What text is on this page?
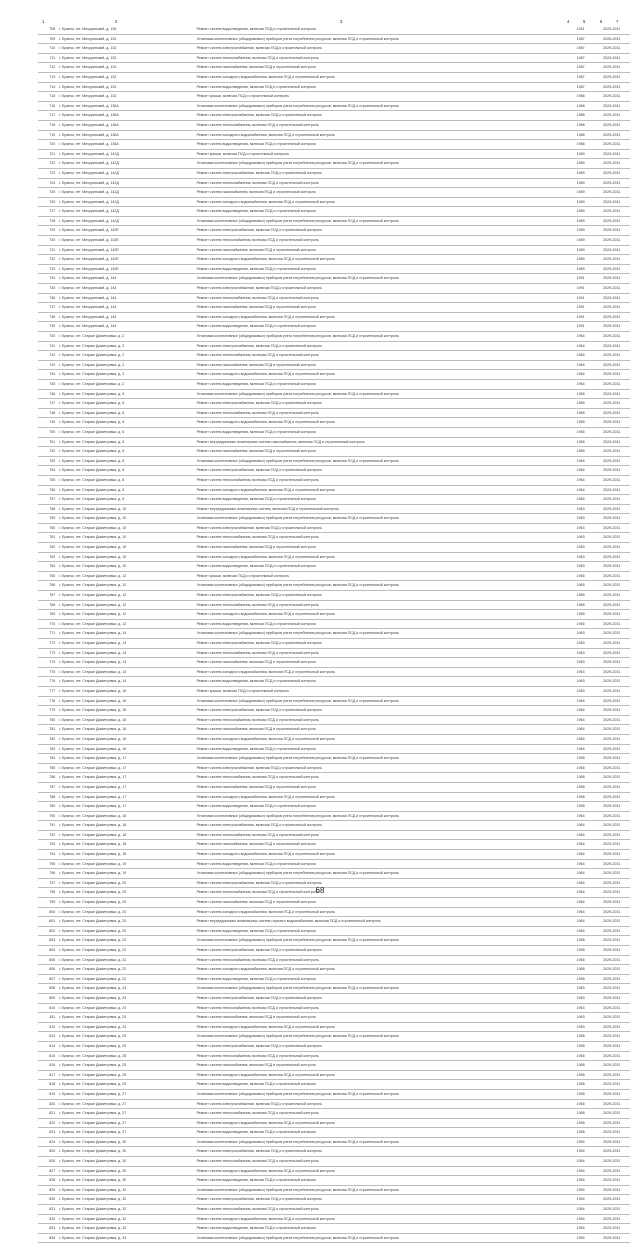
1	2	3	4	5	6	7
708	г. Брянск, пгт. Мичуринский, д. 126	Ремонт систем водоотведения, включая ПСД и строительный контроль	1951	2029-2031
709	г. Брянск, пгт. Мичуринский, д. 132	Установка коллективных (общедомовых) приборов учета потребления ресурсов, включая ПСД и строительный контроль	1987	2026-2031
710	г. Брянск, пгт. Мичуринский, д. 132	Ремонт систем электроснабжения, включая ПСД и строительный контроль	1987	2029-2031
711	г. Брянск, пгт. Мичуринский, д. 132	Ремонт систем теплоснабжения, включая ПСД и строительный контроль	1987	2029-2031
712	г. Брянск, пгт. Мичуринский, д. 132	Ремонт систем газоснабжения, включая ПСД и строительный контроль	1987	2029-2031
713	г. Брянск, пгт. Мичуринский, д. 132	Ремонт систем холодного водоснабжения, включая ПСД и строительный контроль	1987	2029-2031
714	г. Брянск, пгт. Мичуринский, д. 132	Ремонт систем водоотведения, включая ПСД и строительный контроль	1987	2029-2031
715	г. Брянск, пгт. Мичуринский, д. 132	Ремонт крыши, включая ПСД и строительный контроль	1988	2029-2031
716	г. Брянск, пгт. Мичуринский, д. 136А	Установка коллективных (общедомовых) приборов учета потребления ресурсов, включая ПСД и строительный контроль	1988	2029-2031
717	г. Брянск, пгт. Мичуринский, д. 136А	Ремонт систем электроснабжения, включая ПСД и строительный контроль	1988	2029-2031
718	г. Брянск, пгт. Мичуринский, д. 136А	Ремонт систем теплоснабжения, включая ПСД и строительный контроль	1988	2029-2031
719	г. Брянск, пгт. Мичуринский, д. 136А	Ремонт систем холодного водоснабжения, включая ПСД и строительный контроль	1988	2029-2031
720	г. Брянск, пгт. Мичуринский, д. 136А	Ремонт систем водоотведения, включая ПСД и строительный контроль	1988	2029-2031
721	г. Брянск, пгт. Мичуринский, д. 142Д	Ремонт крыши, включая ПСД и строительный контроль	1989	2029-2031
722	г. Брянск, пгт. Мичуринский, д. 142Д	Установка коллективных (общедомовых) приборов учета потребления ресурсов, включая ПСД и строительный контроль	1989	2029-2031
723	г. Брянск, пгт. Мичуринский, д. 142Д	Ремонт систем электроснабжения, включая ПСД и строительный контроль	1989	2029-2031
724	г. Брянск, пгт. Мичуринский, д. 142Д	Ремонт систем теплоснабжения, включая ПСД и строительный контроль	1989	2029-2031
725	г. Брянск, пгт. Мичуринский, д. 142Д	Ремонт систем газоснабжения, включая ПСД и строительный контроль	1989	2029-2031
726	г. Брянск, пгт. Мичуринский, д. 142Д	Ремонт систем холодного водоснабжения, включая ПСД и строительный контроль	1989	2029-2031
727	г. Брянск, пгт. Мичуринский, д. 142Д	Ремонт систем водоотведения, включая ПСД и строительный контроль	1989	2029-2031
728	г. Брянск, пгт. Мичуринский, д. 142Д	Установка коллективных (общедомовых) приборов учета потребления ресурсов, включая ПСД и строительный контроль	1989	2029-2031
729	г. Брянск, пгт. Мичуринский, д. 142Е	Ремонт систем электроснабжения, включая ПСД и строительный контроль	1989	2029-2031
730	г. Брянск, пгт. Мичуринский, д. 142Е	Ремонт систем теплоснабжения, включая ПСД и строительный контроль	1989	2029-2031
731	г. Брянск, пгт. Мичуринский, д. 142Е	Ремонт систем газоснабжения, включая ПСД и строительный контроль	1989	2029-2031
732	г. Брянск, пгт. Мичуринский, д. 142Е	Ремонт систем холодного водоснабжения, включая ПСД и строительный контроль	1989	2029-2031
733	г. Брянск, пгт. Мичуринский, д. 142Е	Ремонт систем водоотведения, включая ПСД и строительный контроль	1989	2029-2031
734	г. Брянск, пгт. Мичуринский, д. 144	Установка коллективных (общедомовых) приборов учета потребления ресурсов, включая ПСД и строительный контроль	1991	2029-2031
735	г. Брянск, пгт. Мичуринский, д. 144	Ремонт систем электроснабжения, включая ПСД и строительный контроль	1991	2029-2031
736	г. Брянск, пгт. Мичуринский, д. 144	Ремонт систем теплоснабжения, включая ПСД и строительный контроль	1991	2029-2031
737	г. Брянск, пгт. Мичуринский, д. 144	Ремонт систем газоснабжения, включая ПСД и строительный контроль	1991	2029-2031
738	г. Брянск, пгт. Мичуринский, д. 144	Ремонт систем холодного водоснабжения, включая ПСД и строительный контроль	1991	2029-2031
739	г. Брянск, пгт. Мичуринский, д. 144	Ремонт систем водоотведения, включая ПСД и строительный контроль	1991	2029-2031
740	г. Брянск, пгт. Старые Димитровка, д. 2	Установка коллективных (общедомовых) приборов учета потребления ресурсов, включая ПСД и строительный контроль	1964	2029-2031
741	г. Брянск, пгт. Старые Димитровка, д. 2	Ремонт систем электроснабжения, включая ПСД и строительный контроль	1964	2029-2031
742	г. Брянск, пгт. Старые Димитровка, д. 2	Ремонт систем теплоснабжения, включая ПСД и строительный контроль	1964	2029-2031
743	г. Брянск, пгт. Старые Димитровка, д. 2	Ремонт систем газоснабжения, включая ПСД и строительный контроль	1964	2029-2031
744	г. Брянск, пгт. Старые Димитровка, д. 2	Ремонт систем холодного водоснабжения, включая ПСД и строительный контроль	1964	2029-2031
745	г. Брянск, пгт. Старые Димитровка, д. 2	Ремонт систем водоотведения, включая ПСД и строительный контроль	1964	2029-2031
746	г. Брянск, пгт. Старые Димитровка, д. 6	Установка коллективных (общедомовых) приборов учета потребления ресурсов, включая ПСД и строительный контроль	1965	2029-2031
747	г. Брянск, пгт. Старые Димитровка, д. 6	Ремонт систем электроснабжения, включая ПСД и строительный контроль	1965	2029-2031
748	г. Брянск, пгт. Старые Димитровка, д. 6	Ремонт систем теплоснабжения, включая ПСД и строительный контроль	1965	2029-2031
749	г. Брянск, пгт. Старые Димитровка, д. 6	Ремонт систем холодного водоснабжения, включая ПСД и строительный контроль	1965	2029-2031
750	г. Брянск, пгт. Старые Димитровка, д. 6	Ремонт систем водоотведения, включая ПСД и строительный контроль	1965	2029-2031
751	г. Брянск, пгт. Старые Димитровка, д. 8	Ремонт внутридомовых инженерных систем газоснабжения, включая ПСД и строительный контроль	1965	2029-2031
752	г. Брянск, пгт. Старые Димитровка, д. 8	Ремонт систем газоснабжения, включая ПСД и строительный контроль	1965	2029-2031
753	г. Брянск, пгт. Старые Димитровка, д. 8	Установка коллективных (общедомовых) приборов учета потребления ресурсов, включая ПСД и строительный контроль	1964	2029-2031
754	г. Брянск, пгт. Старые Димитровка, д. 8	Ремонт систем электроснабжения, включая ПСД и строительный контроль	1964	2029-2031
755	г. Брянск, пгт. Старые Димитровка, д. 8	Ремонт систем теплоснабжения, включая ПСД и строительный контроль	1964	2029-2031
756	г. Брянск, пгт. Старые Димитровка, д. 8	Ремонт систем холодного водоснабжения, включая ПСД и строительный контроль	1964	2029-2031
757	г. Брянск, пгт. Старые Димитровка, д. 8	Ремонт систем водоотведения, включая ПСД и строительный контроль	1964	2029-2031
758	г. Брянск, пгт. Старые Димитровка, д. 10	Ремонт внутридомовых инженерных систем, включая ПСД и строительный контроль	1963	2029-2031
759	г. Брянск, пгт. Старые Димитровка, д. 10	Установка коллективных (общедомовых) приборов учета потребления ресурсов, включая ПСД и строительный контроль	1963	2029-2031
760	г. Брянск, пгт. Старые Димитровка, д. 10	Ремонт систем электроснабжения, включая ПСД и строительный контроль	1963	2029-2031
761	г. Брянск, пгт. Старые Димитровка, д. 10	Ремонт систем теплоснабжения, включая ПСД и строительный контроль	1963	2029-2031
762	г. Брянск, пгт. Старые Димитровка, д. 10	Ремонт систем газоснабжения, включая ПСД и строительный контроль	1963	2029-2031
763	г. Брянск, пгт. Старые Димитровка, д. 10	Ремонт систем холодного водоснабжения, включая ПСД и строительный контроль	1963	2029-2031
764	г. Брянск, пгт. Старые Димитровка, д. 10	Ремонт систем водоотведения, включая ПСД и строительный контроль	1963	2029-2031
765	г. Брянск, пгт. Старые Димитровка, д. 12	Ремонт крыши, включая ПСД и строительный контроль	1965	2029-2031
766	г. Брянск, пгт. Старые Димитровка, д. 12	Установка коллективных (общедомовых) приборов учета потребления ресурсов, включая ПСД и строительный контроль	1965	2029-2031
767	г. Брянск, пгт. Старые Димитровка, д. 12	Ремонт систем электроснабжения, включая ПСД и строительный контроль	1965	2029-2031
768	г. Брянск, пгт. Старые Димитровка, д. 12	Ремонт систем теплоснабжения, включая ПСД и строительный контроль	1965	2029-2031
769	г. Брянск, пгт. Старые Димитровка, д. 12	Ремонт систем холодного водоснабжения, включая ПСД и строительный контроль	1965	2029-2031
770	г. Брянск, пгт. Старые Димитровка, д. 12	Ремонт систем водоотведения, включая ПСД и строительный контроль	1965	2029-2031
771	г. Брянск, пгт. Старые Димитровка, д. 14	Установка коллективных (общедомовых) приборов учета потребления ресурсов, включая ПСД и строительный контроль	1963	2029-2031
772	г. Брянск, пгт. Старые Димитровка, д. 14	Ремонт систем электроснабжения, включая ПСД и строительный контроль	1963	2029-2031
773	г. Брянск, пгт. Старые Димитровка, д. 14	Ремонт систем теплоснабжения, включая ПСД и строительный контроль	1963	2029-2031
774	г. Брянск, пгт. Старые Димитровка, д. 14	Ремонт систем газоснабжения, включая ПСД и строительный контроль	1963	2029-2031
775	г. Брянск, пгт. Старые Димитровка, д. 14	Ремонт систем холодного водоснабжения, включая ПСД и строительный контроль	1963	2029-2031
776	г. Брянск, пгт. Старые Димитровка, д. 14	Ремонт систем водоотведения, включая ПСД и строительный контроль	1963	2029-2031
777	г. Брянск, пгт. Старые Димитровка, д. 16	Ремонт крыши, включая ПСД и строительный контроль	1963	2029-2031
778	г. Брянск, пгт. Старые Димитровка, д. 16	Установка коллективных (общедомовых) приборов учета потребления ресурсов, включая ПСД и строительный контроль	1964	2029-2031
779	г. Брянск, пгт. Старые Димитровка, д. 16	Ремонт систем электроснабжения, включая ПСД и строительный контроль	1964	2029-2031
780	г. Брянск, пгт. Старые Димитровка, д. 16	Ремонт систем теплоснабжения, включая ПСД и строительный контроль	1964	2029-2031
781	г. Брянск, пгт. Старые Димитровка, д. 16	Ремонт систем газоснабжения, включая ПСД и строительный контроль	1964	2029-2031
782	г. Брянск, пгт. Старые Димитровка, д. 16	Ремонт систем холодного водоснабжения, включая ПСД и строительный контроль	1964	2029-2031
783	г. Брянск, пгт. Старые Димитровка, д. 16	Ремонт систем водоотведения, включая ПСД и строительный контроль	1964	2029-2031
784	г. Брянск, пгт. Старые Димитровка, д. 17	Установка коллективных (общедомовых) приборов учета потребления ресурсов, включая ПСД и строительный контроль	1958	2029-2031
785	г. Брянск, пгт. Старые Димитровка, д. 17	Ремонт систем электроснабжения, включая ПСД и строительный контроль	1958	2029-2031
786	г. Брянск, пгт. Старые Димитровка, д. 17	Ремонт систем теплоснабжения, включая ПСД и строительный контроль	1958	2029-2031
787	г. Брянск, пгт. Старые Димитровка, д. 17	Ремонт систем газоснабжения, включая ПСД и строительный контроль	1958	2029-2031
788	г. Брянск, пгт. Старые Димитровка, д. 17	Ремонт систем холодного водоснабжения, включая ПСД и строительный контроль	1958	2029-2031
789	г. Брянск, пгт. Старые Димитровка, д. 17	Ремонт систем водоотведения, включая ПСД и строительный контроль	1958	2029-2031
790	г. Брянск, пгт. Старые Димитровка, д. 18	Установка коллективных (общедомовых) приборов учета потребления ресурсов, включая ПСД и строительный контроль	1964	2029-2031
791	г. Брянск, пгт. Старые Димитровка, д. 18	Ремонт систем электроснабжения, включая ПСД и строительный контроль	1964	2029-2031
792	г. Брянск, пгт. Старые Димитровка, д. 18	Ремонт систем теплоснабжения, включая ПСД и строительный контроль	1964	2029-2031
793	г. Брянск, пгт. Старые Димитровка, д. 18	Ремонт систем газоснабжения, включая ПСД и строительный контроль	1964	2029-2031
794	г. Брянск, пгт. Старые Димитровка, д. 18	Ремонт систем холодного водоснабжения, включая ПСД и строительный контроль	1964	2029-2031
795	г. Брянск, пгт. Старые Димитровка, д. 19	Ремонт систем водоотведения, включая ПСД и строительный контроль	1964	2029-2031
796	г. Брянск, пгт. Старые Димитровка, д. 19	Установка коллективных (общедомовых) приборов учета потребления ресурсов, включая ПСД и строительный контроль	1964	2029-2031
797	г. Брянск, пгт. Старые Димитровка, д. 20	Ремонт систем электроснабжения, включая ПСД и строительный контроль	1964	2029-2031
798	г. Брянск, пгт. Старые Димитровка, д. 20	Ремонт систем теплоснабжения, включая ПСД и строительный контроль	1964	2029-2031
799	г. Брянск, пгт. Старые Димитровка, д. 20	Ремонт систем газоснабжения, включая ПСД и строительный контроль	1964	2029-2031
800	г. Брянск, пгт. Старые Димитровка, д. 20	Ремонт систем холодного водоснабжения, включая ПСД и строительный контроль	1964	2029-2031
801	г. Брянск, пгт. Старые Димитровка, д. 20	Ремонт внутридомовых инженерных систем горячего водоснабжения, включая ПСД и строительный контроль	1964	2029-2031
802	г. Брянск, пгт. Старые Димитровка, д. 20	Ремонт систем водоотведения, включая ПСД и строительный контроль	1964	2029-2031
803	г. Брянск, пгт. Старые Димитровка, д. 22	Установка коллективных (общедомовых) приборов учета потребления ресурсов, включая ПСД и строительный контроль	1958	2029-2031
804	г. Брянск, пгт. Старые Димитровка, д. 22	Ремонт систем электроснабжения, включая ПСД и строительный контроль	1958	2029-2031
805	г. Брянск, пгт. Старые Димитровка, д. 22	Ремонт систем теплоснабжения, включая ПСД и строительный контроль	1958	2029-2031
806	г. Брянск, пгт. Старые Димитровка, д. 22	Ремонт систем холодного водоснабжения, включая ПСД и строительный контроль	1958	2029-2031
807	г. Брянск, пгт. Старые Димитровка, д. 22	Ремонт систем водоотведения, включая ПСД и строительный контроль	1958	2029-2031
808	г. Брянск, пгт. Старые Димитровка, д. 24	Установка коллективных (общедомовых) приборов учета потребления ресурсов, включая ПСД и строительный контроль	1963	2029-2031
809	г. Брянск, пгт. Старые Димитровка, д. 24	Ремонт систем электроснабжения, включая ПСД и строительный контроль	1963	2029-2031
810	г. Брянск, пгт. Старые Димитровка, д. 24	Ремонт систем теплоснабжения, включая ПСД и строительный контроль	1963	2029-2031
811	г. Брянск, пгт. Старые Димитровка, д. 24	Ремонт систем газоснабжения, включая ПСД и строительный контроль	1963	2029-2031
812	г. Брянск, пгт. Старые Димитровка, д. 24	Ремонт систем холодного водоснабжения, включая ПСД и строительный контроль	1963	2029-2031
813	г. Брянск, пгт. Старые Димитровка, д. 25	Установка коллективных (общедомовых) приборов учета потребления ресурсов, включая ПСД и строительный контроль	1958	2029-2031
814	г. Брянск, пгт. Старые Димитровка, д. 25	Ремонт систем электроснабжения, включая ПСД и строительный контроль	1958	2029-2031
815	г. Брянск, пгт. Старые Димитровка, д. 25	Ремонт систем теплоснабжения, включая ПСД и строительный контроль	1958	2029-2031
816	г. Брянск, пгт. Старые Димитровка, д. 25	Ремонт систем газоснабжения, включая ПСД и строительный контроль	1958	2029-2031
817	г. Брянск, пгт. Старые Димитровка, д. 25	Ремонт систем холодного водоснабжения, включая ПСД и строительный контроль	1958	2029-2031
818	г. Брянск, пгт. Старые Димитровка, д. 25	Ремонт систем водоотведения, включая ПСД и строительный контроль	1958	2029-2031
819	г. Брянск, пгт. Старые Димитровка, д. 27	Установка коллективных (общедомовых) приборов учета потребления ресурсов, включая ПСД и строительный контроль	1958	2029-2031
820	г. Брянск, пгт. Старые Димитровка, д. 27	Ремонт систем электроснабжения, включая ПСД и строительный контроль	1958	2029-2031
821	г. Брянск, пгт. Старые Димитровка, д. 27	Ремонт систем теплоснабжения, включая ПСД и строительный контроль	1958	2029-2031
822	г. Брянск, пгт. Старые Димитровка, д. 27	Ремонт систем холодного водоснабжения, включая ПСД и строительный контроль	1958	2029-2031
823	г. Брянск, пгт. Старые Димитровка, д. 27	Ремонт систем водоотведения, включая ПСД и строительный контроль	1958	2029-2031
824	г. Брянск, пгт. Старые Димитровка, д. 30	Установка коллективных (общедомовых) приборов учета потребления ресурсов, включая ПСД и строительный контроль	1954	2029-2031
825	г. Брянск, пгт. Старые Димитровка, д. 30	Ремонт систем электроснабжения, включая ПСД и строительный контроль	1954	2029-2031
826	г. Брянск, пгт. Старые Димитровка, д. 30	Ремонт систем теплоснабжения, включая ПСД и строительный контроль	1954	2029-2031
827	г. Брянск, пгт. Старые Димитровка, д. 30	Ремонт систем холодного водоснабжения, включая ПСД и строительный контроль	1954	2029-2031
828	г. Брянск, пгт. Старые Димитровка, д. 30	Ремонт систем водоотведения, включая ПСД и строительный контроль	1954	2029-2031
829	г. Брянск, пгт. Старые Димитровка, д. 32	Установка коллективных (общедомовых) приборов учета потребления ресурсов, включая ПСД и строительный контроль	1954	2029-2031
830	г. Брянск, пгт. Старые Димитровка, д. 32	Ремонт систем электроснабжения, включая ПСД и строительный контроль	1954	2029-2031
831	г. Брянск, пгт. Старые Димитровка, д. 32	Ремонт систем теплоснабжения, включая ПСД и строительный контроль	1954	2029-2031
832	г. Брянск, пгт. Старые Димитровка, д. 32	Ремонт систем холодного водоснабжения, включая ПСД и строительный контроль	1954	2029-2031
833	г. Брянск, пгт. Старые Димитровка, д. 32	Ремонт систем водоотведения, включая ПСД и строительный контроль	1954	2029-2031
834	г. Брянск, пгт. Старые Димитровка, д. 33	Установка коллективных (общедомовых) приборов учета потребления ресурсов, включая ПСД и строительный контроль	1954	2029-2031
68
